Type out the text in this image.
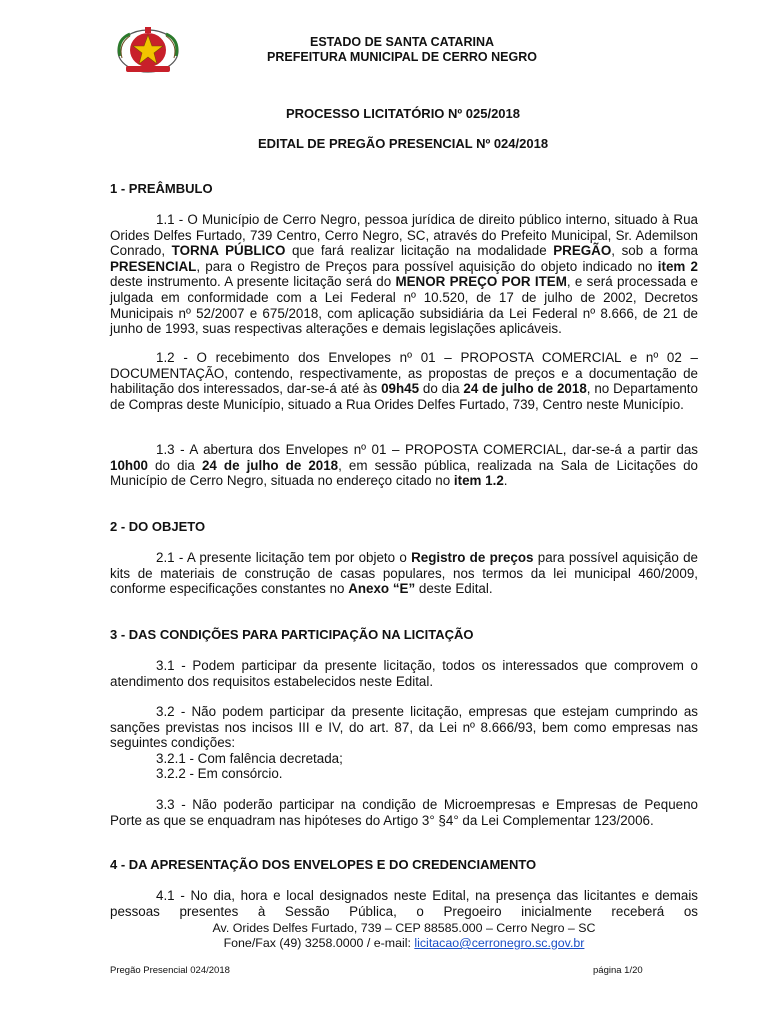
ESTADO DE SANTA CATARINA
PREFEITURA MUNICIPAL DE CERRO NEGRO
PROCESSO LICITATÓRIO Nº 025/2018
EDITAL DE PREGÃO PRESENCIAL Nº 024/2018
1 - PREÂMBULO

1.1 - O Município de Cerro Negro, pessoa jurídica de direito público interno, situado à Rua Orides Delfes Furtado, 739 Centro, Cerro Negro, SC, através do Prefeito Municipal, Sr. Ademilson Conrado, TORNA PÚBLICO que fará realizar licitação na modalidade PREGÃO, sob a forma PRESENCIAL, para o Registro de Preços para possível aquisição do objeto indicado no item 2 deste instrumento. A presente licitação será do MENOR PREÇO POR ITEM, e será processada e julgada em conformidade com a Lei Federal nº 10.520, de 17 de julho de 2002, Decretos Municipais nº 52/2007 e 675/2018, com aplicação subsidiária da Lei Federal nº 8.666, de 21 de junho de 1993, suas respectivas alterações e demais legislações aplicáveis.

1.2 - O recebimento dos Envelopes nº 01 – PROPOSTA COMERCIAL e nº 02 – DOCUMENTAÇÃO, contendo, respectivamente, as propostas de preços e a documentação de habilitação dos interessados, dar-se-á até às 09h45 do dia 24 de julho de 2018, no Departamento de Compras deste Município, situado a Rua Orides Delfes Furtado, 739, Centro neste Município.

1.3 - A abertura dos Envelopes nº 01 – PROPOSTA COMERCIAL, dar-se-á a partir das 10h00 do dia 24 de julho de 2018, em sessão pública, realizada na Sala de Licitações do Município de Cerro Negro, situada no endereço citado no item 1.2.

2 - DO OBJETO

2.1 - A presente licitação tem por objeto o Registro de preços para possível aquisição de kits de materiais de construção de casas populares, nos termos da lei municipal 460/2009, conforme especificações constantes no Anexo “E” deste Edital.

3 - DAS CONDIÇÕES PARA PARTICIPAÇÃO NA LICITAÇÃO

3.1 - Podem participar da presente licitação, todos os interessados que comprovem o atendimento dos requisitos estabelecidos neste Edital.

3.2 - Não podem participar da presente licitação, empresas que estejam cumprindo as sanções previstas nos incisos III e IV, do art. 87, da Lei nº 8.666/93, bem como empresas nas seguintes condições:

3.2.1 - Com falência decretada;

3.2.2 - Em consórcio.

3.3 - Não poderão participar na condição de Microempresas e Empresas de Pequeno Porte as que se enquadram nas hipóteses do Artigo 3° §4° da Lei Complementar 123/2006.

4 - DA APRESENTAÇÃO DOS ENVELOPES E DO CREDENCIAMENTO

4.1 - No dia, hora e local designados neste Edital, na presença das licitantes e demais pessoas presentes à Sessão Pública, o Pregoeiro inicialmente receberá os

Av. Orides Delfes Furtado, 739 – CEP 88585.000 – Cerro Negro – SC
Fone/Fax (49) 3258.0000 / e-mail: licitacao@cerronegro.sc.gov.br
Pregão Presencial 024/2018	página 1/20
